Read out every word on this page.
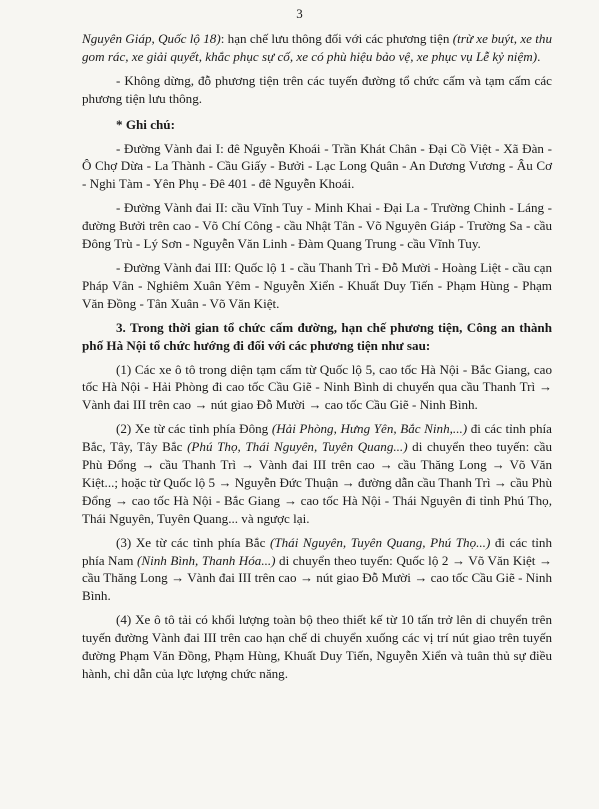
3

Nguyên Giáp, Quốc lộ 18): hạn chế lưu thông đối với các phương tiện (trừ xe buýt, xe thu gom rác, xe giải quyết, khắc phục sự cố, xe có phù hiệu bảo vệ, xe phục vụ Lễ kỷ niệm).

- Không dừng, đỗ phương tiện trên các tuyến đường tổ chức cấm và tạm cấm các phương tiện lưu thông.

* Ghi chú:

- Đường Vành đai I: đê Nguyễn Khoái - Trần Khát Chân - Đại Cồ Việt - Xã Đàn - Ô Chợ Dừa - La Thành - Cầu Giấy - Bưởi - Lạc Long Quân - An Dương Vương - Âu Cơ - Nghi Tàm - Yên Phụ - Đê 401 - đê Nguyễn Khoái.

- Đường Vành đai II: cầu Vĩnh Tuy - Minh Khai - Đại La - Trường Chinh - Láng - đường Bưởi trên cao - Võ Chí Công - cầu Nhật Tân - Võ Nguyên Giáp - Trường Sa - cầu Đông Trù - Lý Sơn - Nguyễn Văn Linh - Đàm Quang Trung - cầu Vĩnh Tuy.

- Đường Vành đai III: Quốc lộ 1 - cầu Thanh Trì - Đỗ Mười - Hoàng Liệt - cầu cạn Pháp Vân - Nghiêm Xuân Yêm - Nguyễn Xiển - Khuất Duy Tiến - Phạm Hùng - Phạm Văn Đồng - Tân Xuân - Võ Văn Kiệt.

3. Trong thời gian tổ chức cấm đường, hạn chế phương tiện, Công an thành phố Hà Nội tổ chức hướng đi đối với các phương tiện như sau:

(1) Các xe ô tô trong diện tạm cấm từ Quốc lộ 5, cao tốc Hà Nội - Bắc Giang, cao tốc Hà Nội - Hải Phòng đi cao tốc Cầu Giẽ - Ninh Bình di chuyển qua cầu Thanh Trì → Vành đai III trên cao → nút giao Đỗ Mười → cao tốc Cầu Giẽ - Ninh Bình.

(2) Xe từ các tỉnh phía Đông (Hải Phòng, Hưng Yên, Bắc Ninh,...) đi các tỉnh phía Bắc, Tây, Tây Bắc (Phú Thọ, Thái Nguyên, Tuyên Quang...) di chuyển theo tuyến: cầu Phù Đổng → cầu Thanh Trì → Vành đai III trên cao → cầu Thăng Long → Võ Văn Kiệt...; hoặc từ Quốc lộ 5 → Nguyễn Đức Thuận → đường dẫn cầu Thanh Trì → cầu Phù Đổng → cao tốc Hà Nội - Bắc Giang → cao tốc Hà Nội - Thái Nguyên đi tỉnh Phú Thọ, Thái Nguyên, Tuyên Quang... và ngược lại.

(3) Xe từ các tỉnh phía Bắc (Thái Nguyên, Tuyên Quang, Phú Thọ...) đi các tỉnh phía Nam (Ninh Bình, Thanh Hóa...) di chuyển theo tuyến: Quốc lộ 2 → Võ Văn Kiệt → cầu Thăng Long → Vành đai III trên cao → nút giao Đỗ Mười → cao tốc Cầu Giẽ - Ninh Bình.

(4) Xe ô tô tải có khối lượng toàn bộ theo thiết kế từ 10 tấn trở lên di chuyển trên tuyến đường Vành đai III trên cao hạn chế di chuyển xuống các vị trí nút giao trên tuyến đường Phạm Văn Đồng, Phạm Hùng, Khuất Duy Tiến, Nguyễn Xiển và tuân thủ sự điều hành, chỉ dẫn của lực lượng chức năng.
